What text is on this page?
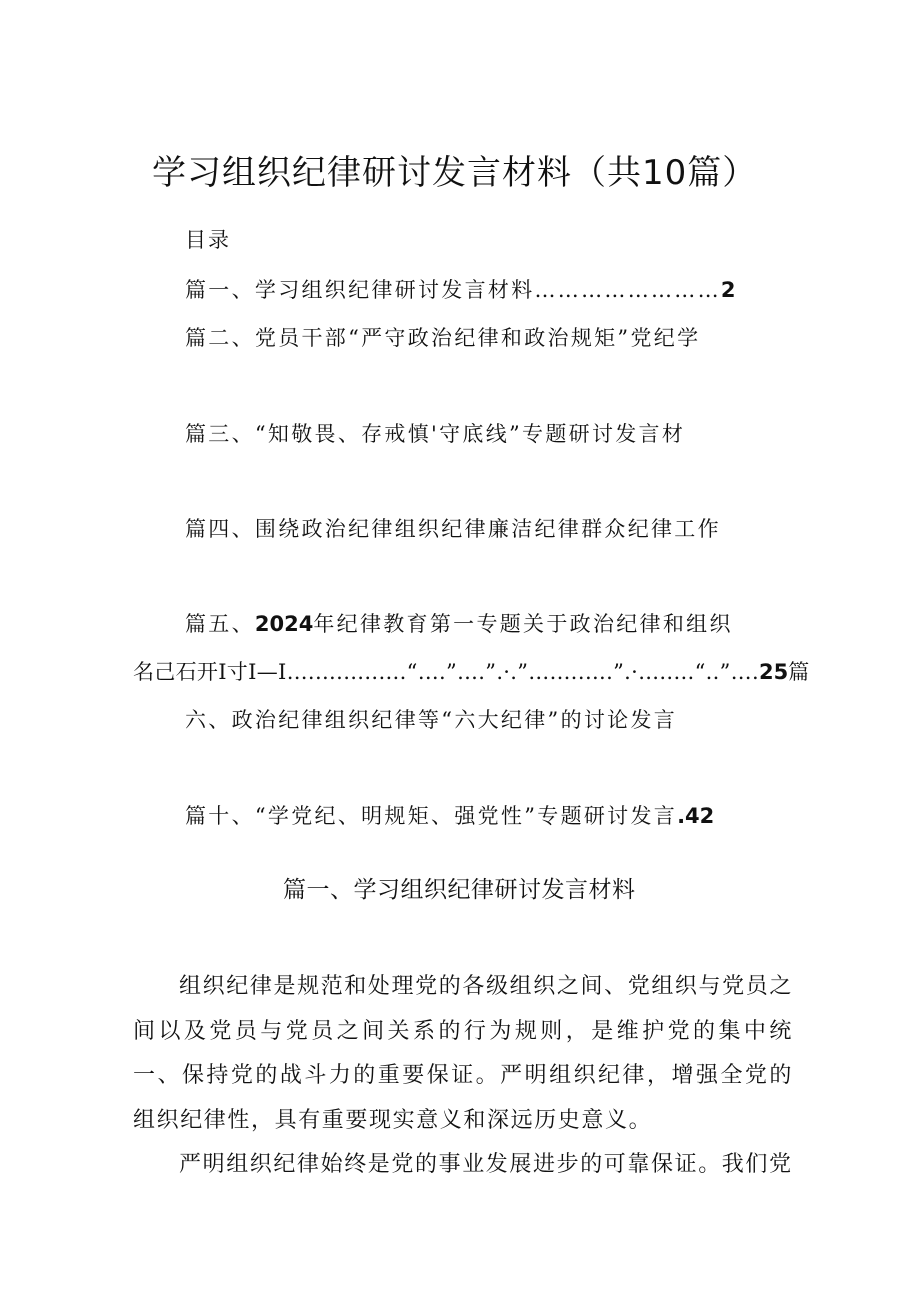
学习组织纪律研讨发言材料（共10篇）
目录
篇一、学习组织纪律研讨发言材料……………………2
篇二、党员干部“严守政治纪律和政治规矩”党纪学
篇三、“知敬畏、存戒慎'守底线”专题研讨发言材
篇四、围绕政治纪律组织纪律廉洁纪律群众纪律工作
篇五、2024年纪律教育第一专题关于政治纪律和组织
名己石开I寸I—I….….…..….“….”….”.·.”….….….”.·…..…“..”….25篇
六、政治纪律组织纪律等“六大纪律”的讨论发言
篇十、“学党纪、明规矩、强党性”专题研讨发言.42
篇一、学习组织纪律研讨发言材料

组织纪律是规范和处理党的各级组织之间、党组织与党员之间以及党员与党员之间关系的行为规则，是维护党的集中统一、保持党的战斗力的重要保证。严明组织纪律，增强全党的组织纪律性，具有重要现实意义和深远历史意义。

严明组织纪律始终是党的事业发展进步的可靠保证。我们党
